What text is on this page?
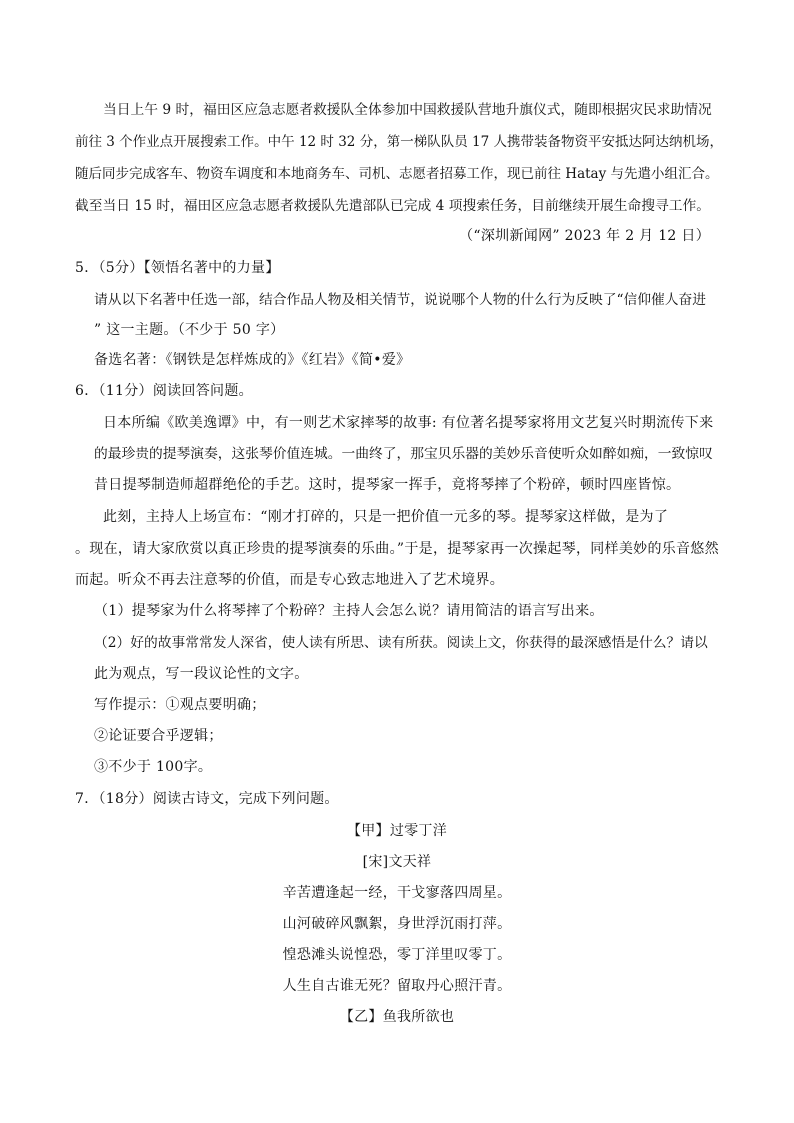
当日上午 9 时，福田区应急志愿者救援队全体参加中国救援队营地升旗仪式，随即根据灾民求助情况
前往 3 个作业点开展搜索工作。中午 12 时 32 分，第一梯队队员 17 人携带装备物资平安抵达阿达纳机场，
随后同步完成客车、物资车调度和本地商务车、司机、志愿者招募工作，现已前往 Hatay 与先遣小组汇合。
截至当日 15 时，福田区应急志愿者救援队先遣部队已完成 4 项搜索任务，目前继续开展生命搜寻工作。
（“深圳新闻网” 2023 年 2 月 12 日）
5．（5分）【领悟名著中的力量】
请从以下名著中任选一部，结合作品人物及相关情节，说说哪个人物的什么行为反映了“信仰催人奋进
” 这一主题。（不少于 50 字）
备选名著：《钢铁是怎样炼成的》《红岩》《简•爱》
6．（11分）阅读回答问题。
日本所编《欧美逸谭》中，有一则艺术家摔琴的故事: 有位著名提琴家将用文艺复兴时期流传下来
的最珍贵的提琴演奏，这张琴价值连城。一曲终了，那宝贝乐器的美妙乐音使听众如醉如痴，一致惊叹
昔日提琴制造师超群绝伦的手艺。这时，提琴家一挥手，竟将琴摔了个粉碎，顿时四座皆惊。
此刻，主持人上场宣布：“刚才打碎的，只是一把价值一元多的琴。提琴家这样做，是为了
。现在，请大家欣赏以真正珍贵的提琴演奏的乐曲。”于是，提琴家再一次操起琴，同样美妙的乐音悠然
而起。听众不再去注意琴的价值，而是专心致志地进入了艺术境界。
（1）提琴家为什么将琴摔了个粉碎？主持人会怎么说？请用简洁的语言写出来。
（2）好的故事常常发人深省，使人读有所思、读有所获。阅读上文，你获得的最深感悟是什么？请以
此为观点，写一段议论性的文字。
写作提示：①观点要明确；
②论证要合乎逻辑；
③不少于 100字。
7．（18分）阅读古诗文，完成下列问题。
【甲】过零丁洋
[宋]文天祥
辛苦遭逢起一经，干戈寥落四周星。
山河破碎风飘絮，身世浮沉雨打萍。
惶恐滩头说惶恐，零丁洋里叹零丁。
人生自古谁无死？留取丹心照汗青。
【乙】鱼我所欲也
